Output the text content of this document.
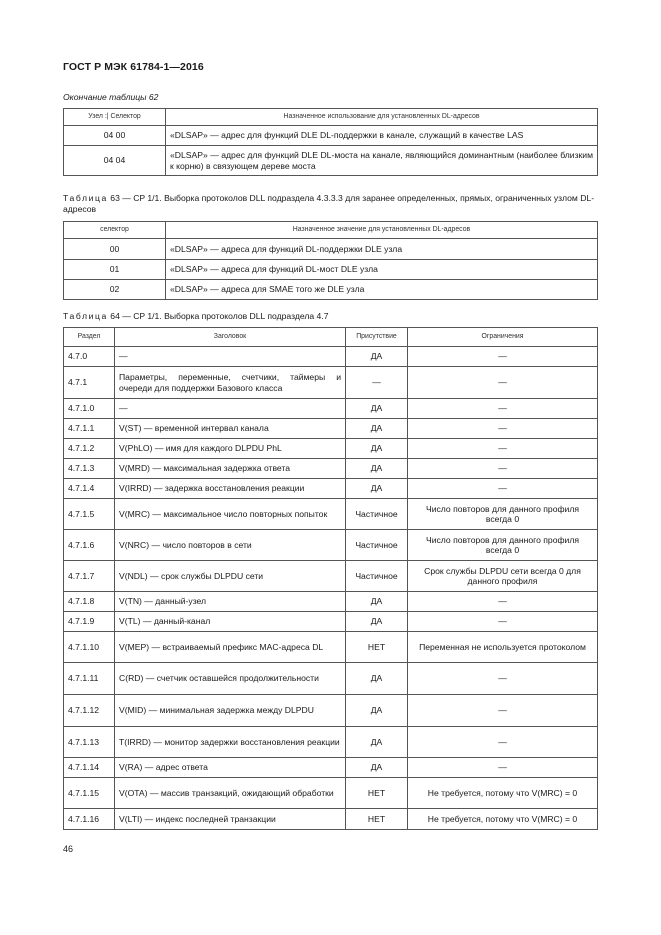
ГОСТ Р МЭК 61784-1—2016
Окончание таблицы 62
Узел :| Селектор	Назначенное использование для установленных DL-адресов
04 00	«DLSAP» — адрес для функций DLE DL-поддержки в канале, служащий в качестве LAS
04 04	«DLSAP» — адрес для функций DLE DL-моста на канале, являющийся доминантным (наиболее близким к корню) в связующем дереве моста
Таблица 63 — CP 1/1. Выборка протоколов DLL подраздела 4.3.3.3 для заранее определенных, прямых, ограниченных узлом DL-адресов
селектор	Назначенное значение для установленных DL-адресов
00	«DLSAP» — адреса для функций DL-поддержки DLE узла
01	«DLSAP» — адреса для функций DL-мост DLE узла
02	«DLSAP» — адреса для SMAE того же DLE узла
Таблица 64 — CP 1/1. Выборка протоколов DLL подраздела 4.7
Раздел	Заголовок	Присутствие	Ограничения
4.7.0	—	ДА	—
4.7.1	Параметры, переменные, счетчики, таймеры и очереди для поддержки Базового класса	—	—
4.7.1.0	—	ДА	—
4.7.1.1	V(ST) — временной интервал канала	ДА	—
4.7.1.2	V(PhLO) — имя для каждого DLPDU PhL	ДА	—
4.7.1.3	V(MRD) — максимальная задержка ответа	ДА	—
4.7.1.4	V(IRRD) — задержка восстановления реакции	ДА	—
4.7.1.5	V(MRC) — максимальное число повторных попыток	Частичное	Число повторов для данного профиля всегда 0
4.7.1.6	V(NRC) — число повторов в сети	Частичное	Число повторов для данного профиля всегда 0
4.7.1.7	V(NDL) — срок службы DLPDU сети	Частичное	Срок службы DLPDU сети всегда 0 для данного профиля
4.7.1.8	V(TN) — данный-узел	ДА	—
4.7.1.9	V(TL) — данный-канал	ДА	—
4.7.1.10	V(MEP) — встраиваемый префикс MAC-адреса DL	НЕТ	Переменная не используется протоколом
4.7.1.11	C(RD) — счетчик оставшейся продолжительности	ДА	—
4.7.1.12	V(MID) — минимальная задержка между DLPDU	ДА	—
4.7.1.13	T(IRRD) — монитор задержки восстановления реакции	ДА	—
4.7.1.14	V(RA) — адрес ответа	ДА	—
4.7.1.15	V(OTA) — массив транзакций, ожидающий обработки	НЕТ	Не требуется, потому что V(MRC) = 0
4.7.1.16	V(LTI) — индекс последней транзакции	НЕТ	Не требуется, потому что V(MRC) = 0
46
